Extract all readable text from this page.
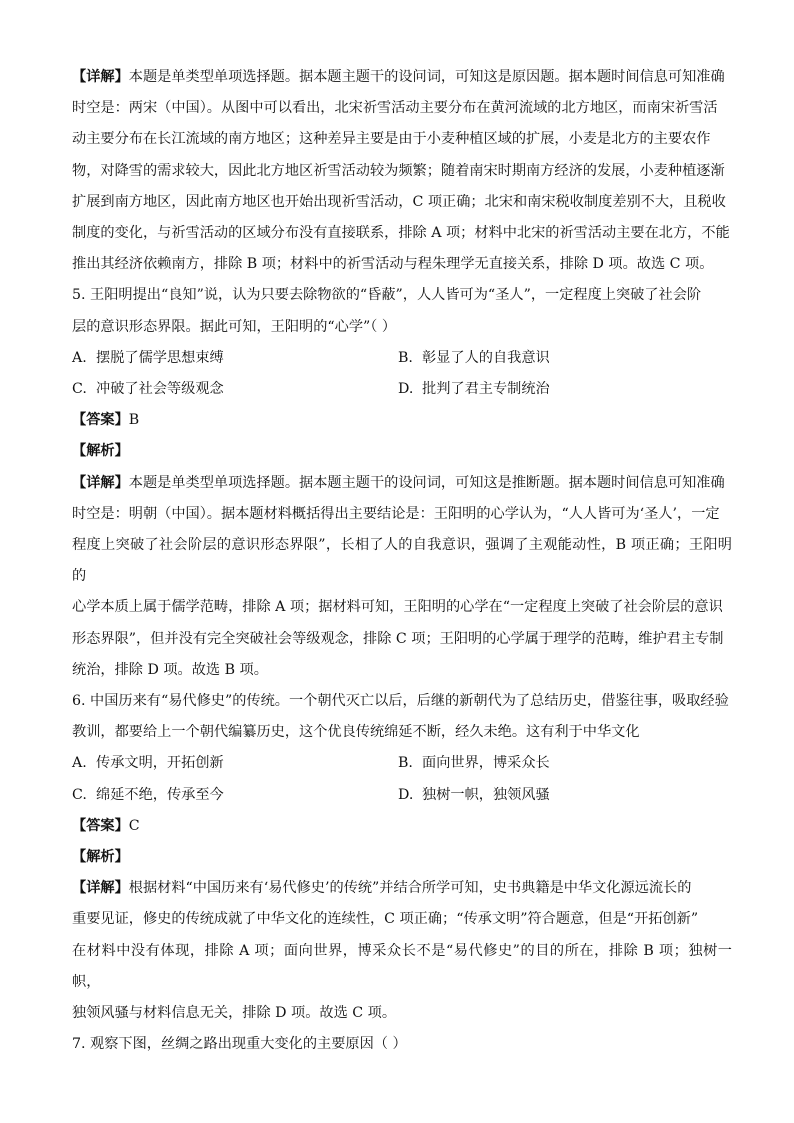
【详解】本题是单类型单项选择题。据本题主题干的设问词，可知这是原因题。据本题时间信息可知准确

时空是：两宋（中国）。从图中可以看出，北宋祈雪活动主要分布在黄河流域的北方地区，而南宋祈雪活

动主要分布在长江流域的南方地区；这种差异主要是由于小麦种植区域的扩展，小麦是北方的主要农作

物，对降雪的需求较大，因此北方地区祈雪活动较为频繁；随着南宋时期南方经济的发展，小麦种植逐渐

扩展到南方地区，因此南方地区也开始出现祈雪活动，C 项正确；北宋和南宋税收制度差别不大，且税收

制度的变化，与祈雪活动的区域分布没有直接联系，排除 A 项；材料中北宋的祈雪活动主要在北方，不能

推出其经济依赖南方，排除 B 项；材料中的祈雪活动与程朱理学无直接关系，排除 D 项。故选 C 项。

5. 王阳明提出“良知”说，认为只要去除物欲的“昏蔽”，人人皆可为“圣人”，一定程度上突破了社会阶

层的意识形态界限。据此可知，王阳明的“心学”（ ）

A. 摆脱了儒学思想束缚	B. 彰显了人的自我意识
C. 冲破了社会等级观念	D. 批判了君主专制统治

【答案】B

【解析】

【详解】本题是单类型单项选择题。据本题主题干的设问词，可知这是推断题。据本题时间信息可知准确

时空是：明朝（中国）。据本题材料概括得出主要结论是：王阳明的心学认为，“人人皆可为‘圣人’，一定

程度上突破了社会阶层的意识形态界限”，长相了人的自我意识，强调了主观能动性，B 项正确；王阳明的

心学本质上属于儒学范畴，排除 A 项；据材料可知，王阳明的心学在“一定程度上突破了社会阶层的意识

形态界限”，但并没有完全突破社会等级观念，排除 C 项；王阳明的心学属于理学的范畴，维护君主专制

统治，排除 D 项。故选 B 项。

6. 中国历来有“易代修史”的传统。一个朝代灭亡以后，后继的新朝代为了总结历史，借鉴往事，吸取经验

教训，都要给上一个朝代编纂历史，这个优良传统绵延不断，经久未绝。这有利于中华文化

A. 传承文明，开拓创新	B. 面向世界，博采众长
C. 绵延不绝，传承至今	D. 独树一帜，独领风骚

【答案】C

【解析】

【详解】根据材料“中国历来有‘易代修史’的传统”并结合所学可知，史书典籍是中华文化源远流长的

重要见证，修史的传统成就了中华文化的连续性，C 项正确；“传承文明”符合题意，但是“开拓创新”

在材料中没有体现，排除 A 项；面向世界，博采众长不是“易代修史”的目的所在，排除 B 项；独树一帜，

独领风骚与材料信息无关，排除 D 项。故选 C 项。

7. 观察下图，丝绸之路出现重大变化的主要原因（ ）
